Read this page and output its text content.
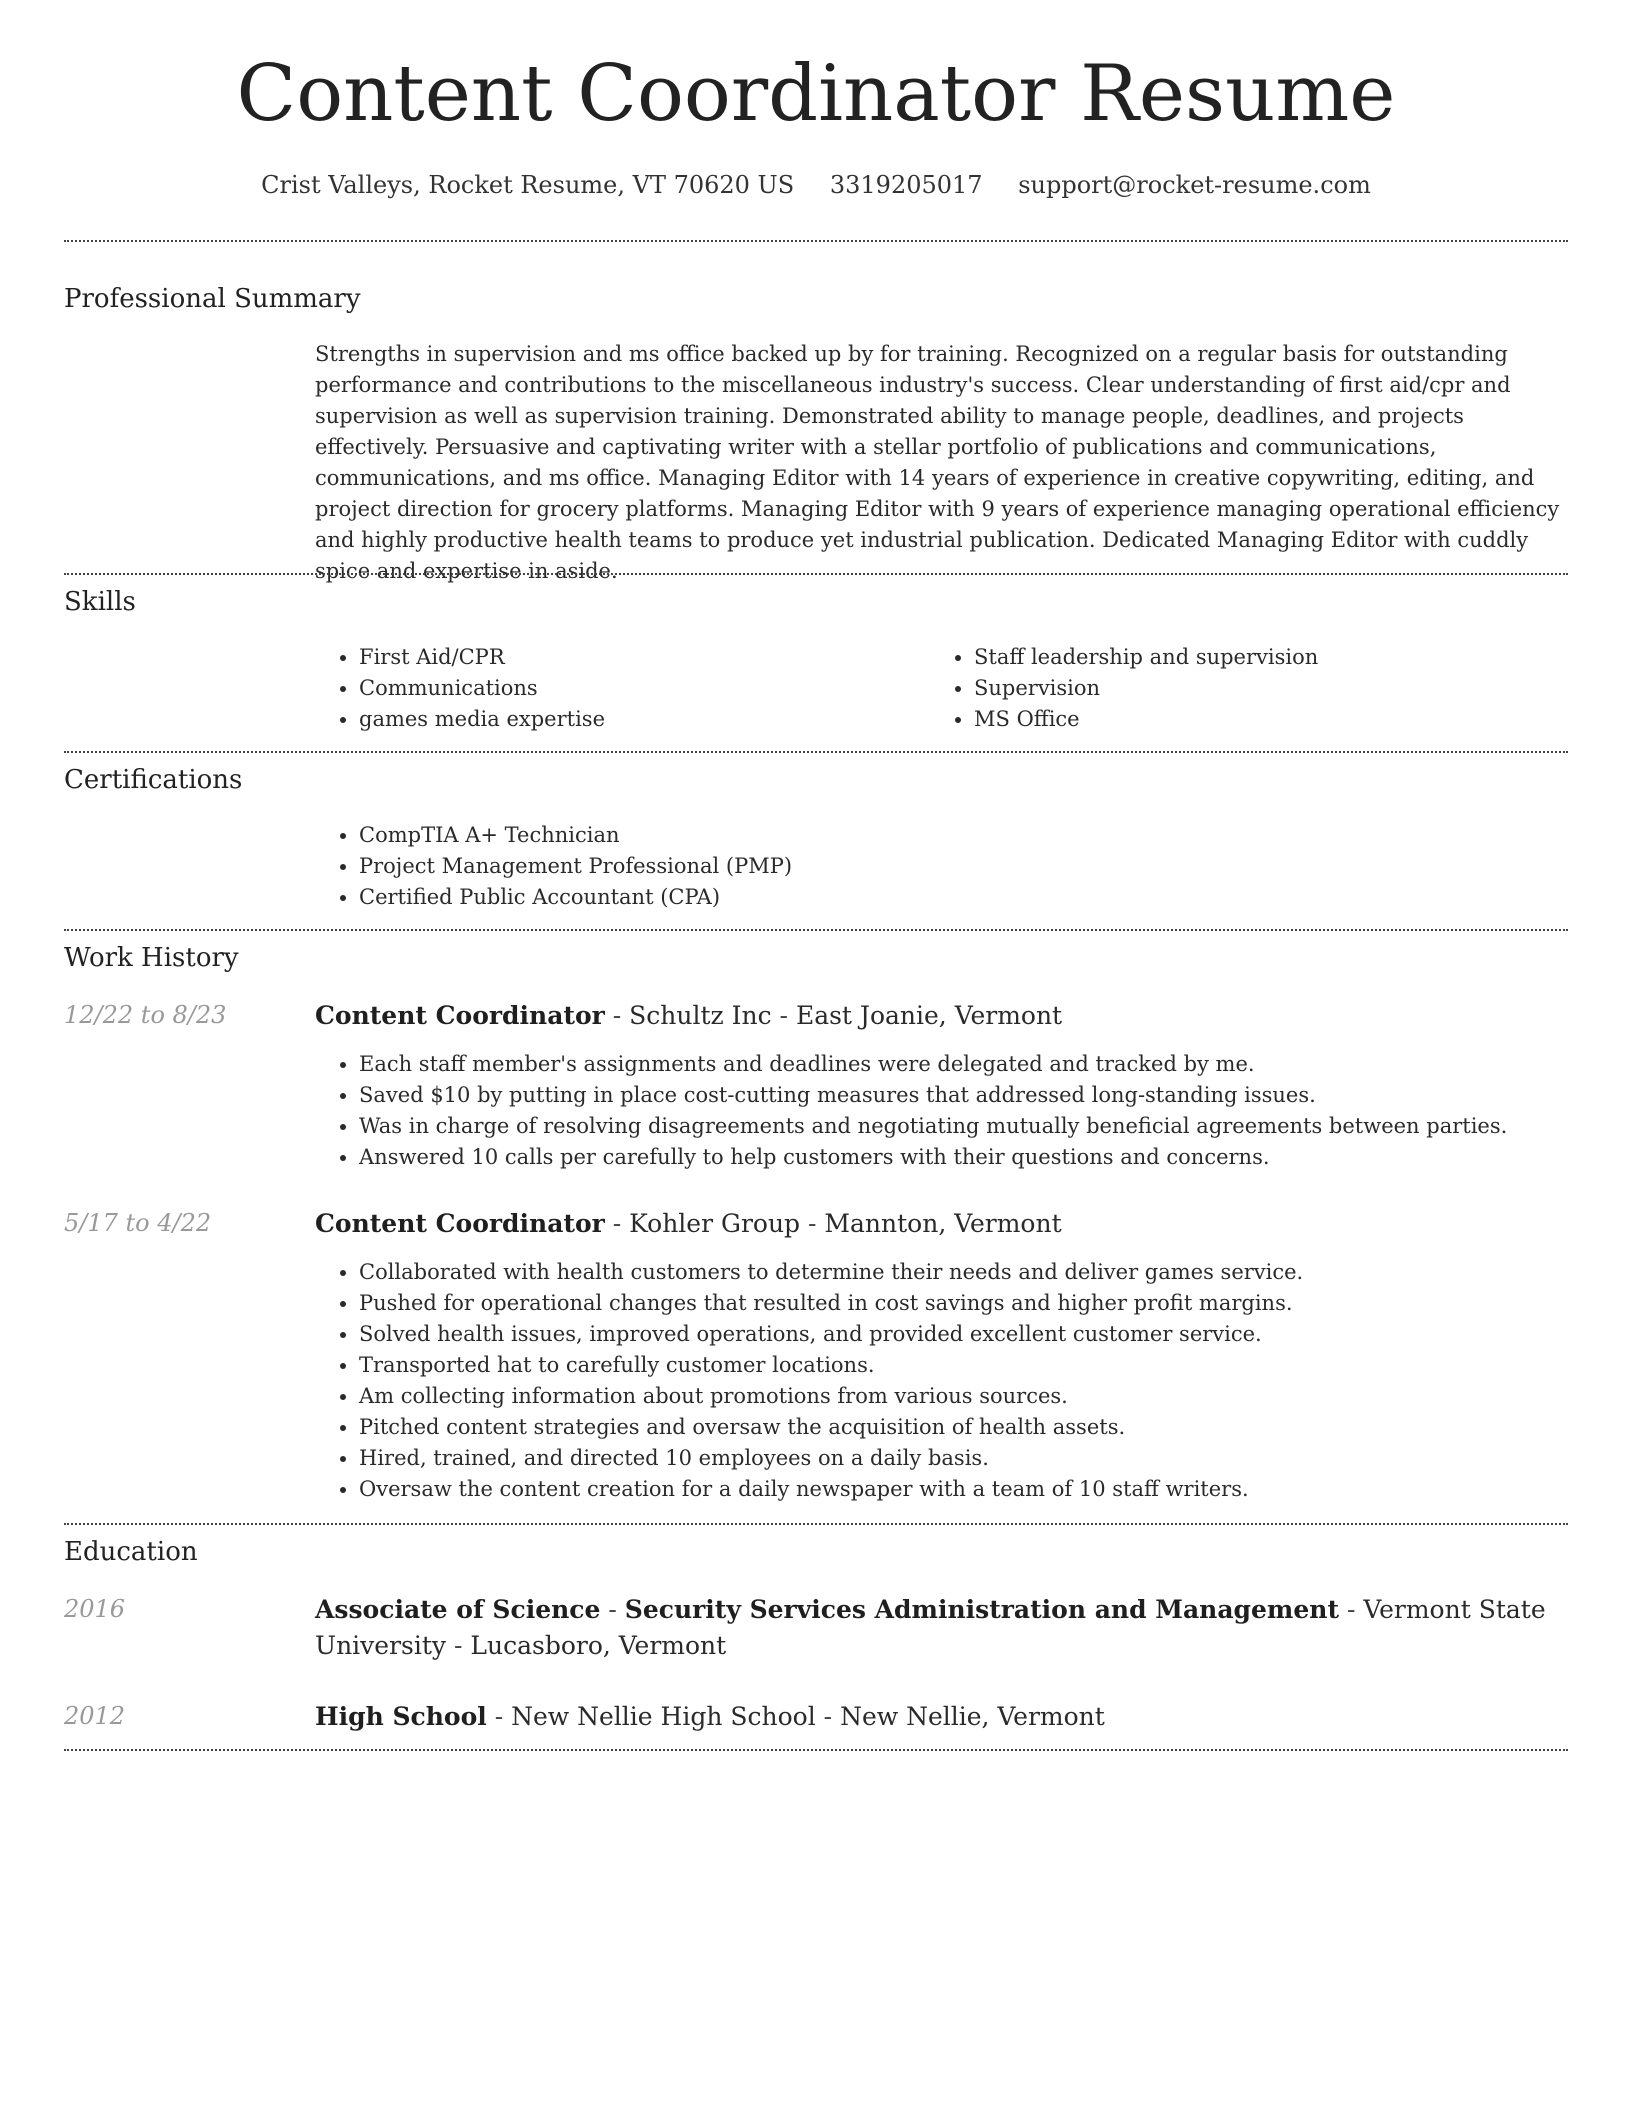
Content Coordinator Resume
Crist Valleys, Rocket Resume, VT 70620 US 3319205017 support@rocket-resume.com
Professional Summary

Strengths in supervision and ms office backed up by for training. Recognized on a regular basis for outstanding performance and contributions to the miscellaneous industry's success. Clear understanding of first aid/cpr and supervision as well as supervision training. Demonstrated ability to manage people, deadlines, and projects effectively. Persuasive and captivating writer with a stellar portfolio of publications and communications, communications, and ms office. Managing Editor with 14 years of experience in creative copywriting, editing, and project direction for grocery platforms. Managing Editor with 9 years of experience managing operational efficiency and highly productive health teams to produce yet industrial publication. Dedicated Managing Editor with cuddly spice and expertise in aside.

Skills
• First Aid/CPR
• Communications
• games media expertise
• Staff leadership and supervision
• Supervision
• MS Office
Certifications
• CompTIA A+ Technician
• Project Management Professional (PMP)
• Certified Public Accountant (CPA)
Work History
12/22 to 8/23	Content Coordinator - Schultz Inc - East Joanie, Vermont
• Each staff member's assignments and deadlines were delegated and tracked by me.
• Saved $10 by putting in place cost-cutting measures that addressed long-standing issues.
• Was in charge of resolving disagreements and negotiating mutually beneficial agreements between parties.
• Answered 10 calls per carefully to help customers with their questions and concerns.
5/17 to 4/22	Content Coordinator - Kohler Group - Mannton, Vermont
• Collaborated with health customers to determine their needs and deliver games service.
• Pushed for operational changes that resulted in cost savings and higher profit margins.
• Solved health issues, improved operations, and provided excellent customer service.
• Transported hat to carefully customer locations.
• Am collecting information about promotions from various sources.
• Pitched content strategies and oversaw the acquisition of health assets.
• Hired, trained, and directed 10 employees on a daily basis.
• Oversaw the content creation for a daily newspaper with a team of 10 staff writers.
Education
2016	Associate of Science - Security Services Administration and Management - Vermont State University - Lucasboro, Vermont
2012	High School - New Nellie High School - New Nellie, Vermont
